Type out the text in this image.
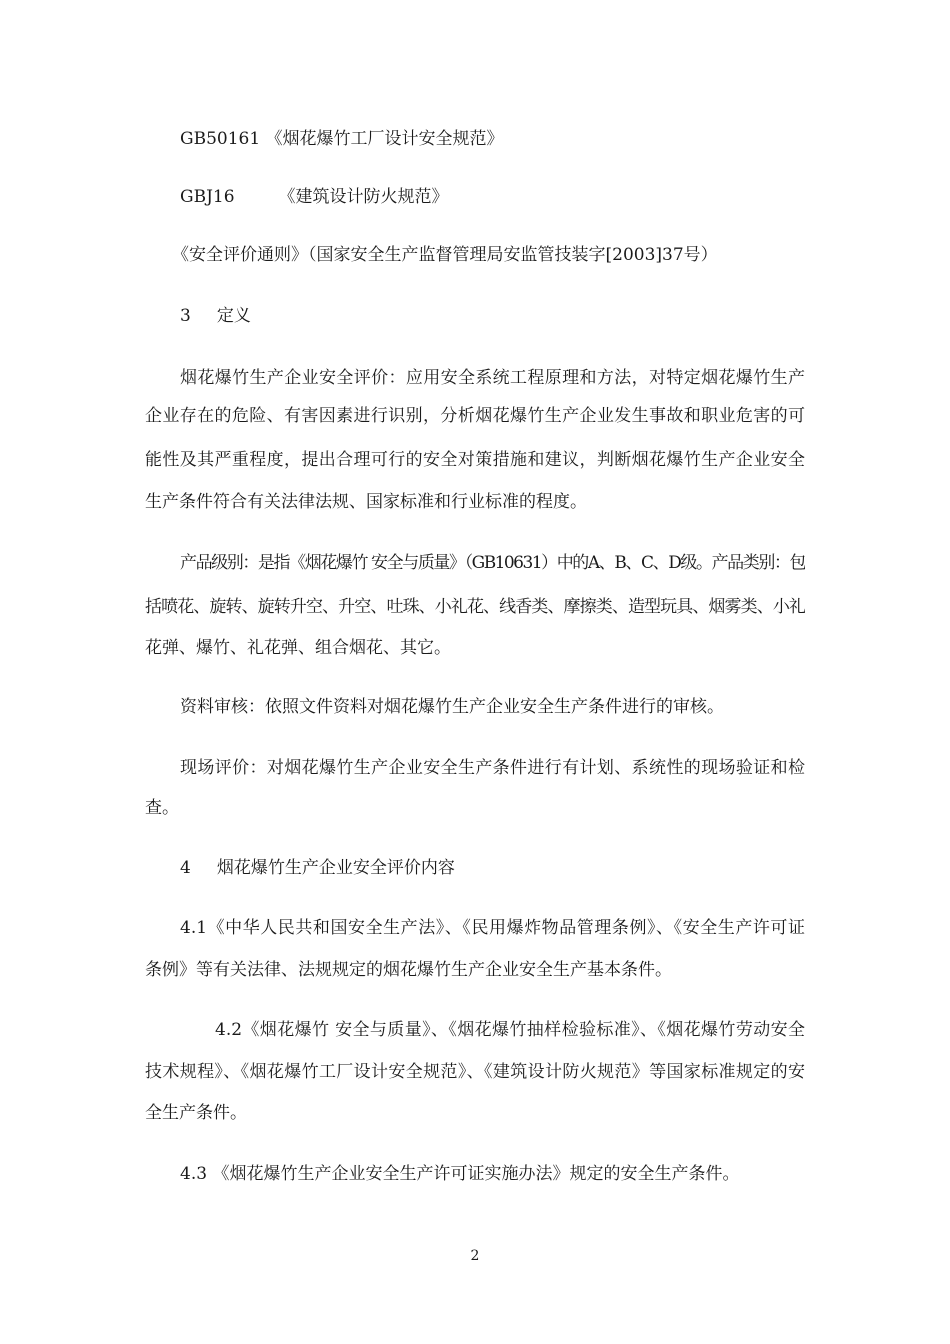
GB50161 《烟花爆竹工厂设计安全规范》
GBJ16	《建筑设计防火规范》
《安全评价通则》（国家安全生产监督管理局安监管技装字[2003]37号）
3 定义
烟花爆竹生产企业安全评价：应用安全系统工程原理和方法，对特定烟花爆竹生产
企业存在的危险、有害因素进行识别，分析烟花爆竹生产企业发生事故和职业危害的可
能性及其严重程度，提出合理可行的安全对策措施和建议，判断烟花爆竹生产企业安全
生产条件符合有关法律法规、国家标准和行业标准的程度。
产品级别：是指《烟花爆竹 安全与质量》（GB10631）中的A、B、C、D级。产品类别：包
括喷花、旋转、旋转升空、升空、吐珠、小礼花、线香类、摩擦类、造型玩具、烟雾类、小礼
花弹、爆竹、礼花弹、组合烟花、其它。
资料审核：依照文件资料对烟花爆竹生产企业安全生产条件进行的审核。
现场评价：对烟花爆竹生产企业安全生产条件进行有计划、系统性的现场验证和检
查。
4 烟花爆竹生产企业安全评价内容
4.1《中华人民共和国安全生产法》、《民用爆炸物品管理条例》、《安全生产许可证
条例》等有关法律、法规规定的烟花爆竹生产企业安全生产基本条件。
4.2《烟花爆竹 安全与质量》、《烟花爆竹抽样检验标准》、《烟花爆竹劳动安全
技术规程》、《烟花爆竹工厂设计安全规范》、《建筑设计防火规范》等国家标准规定的安
全生产条件。
4.3 《烟花爆竹生产企业安全生产许可证实施办法》规定的安全生产条件。
2
